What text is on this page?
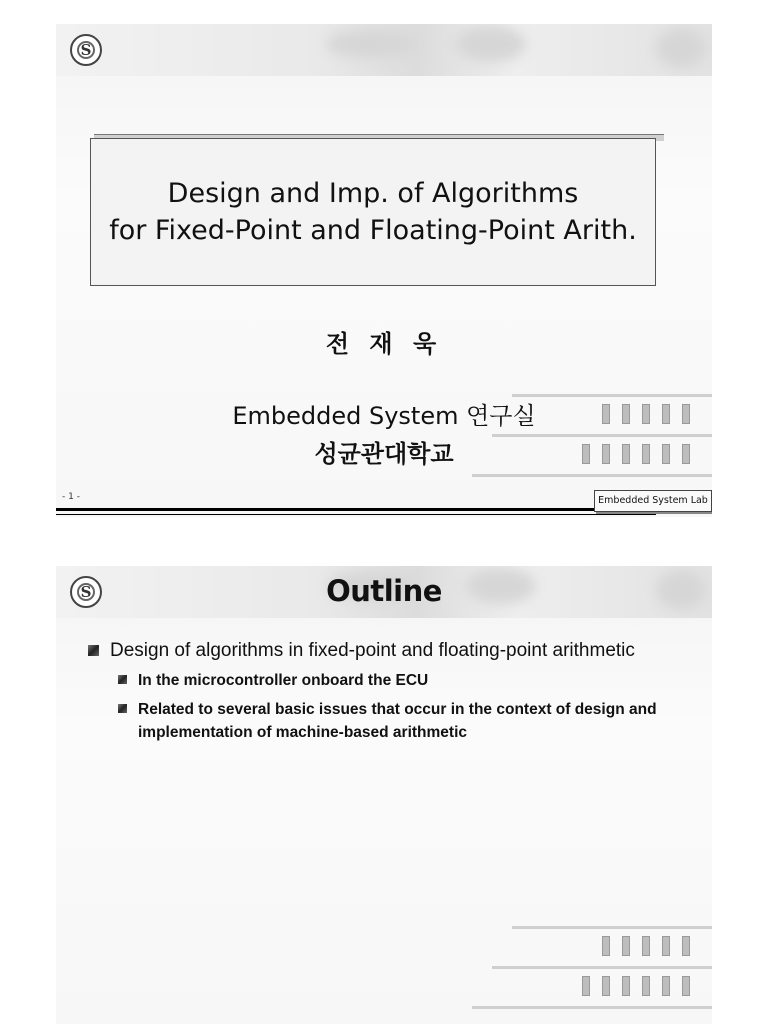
S
Design and Imp. of Algorithms
for Fixed-Point and Floating-Point Arith.
전 재 욱
Embedded System 연구실
성균관대학교
- 1 -	Embedded System Lab
S
Outline
Design of algorithms in fixed-point and floating-point arithmetic
In the microcontroller onboard the ECU
Related to several basic issues that occur in the context of design and implementation of machine-based arithmetic
